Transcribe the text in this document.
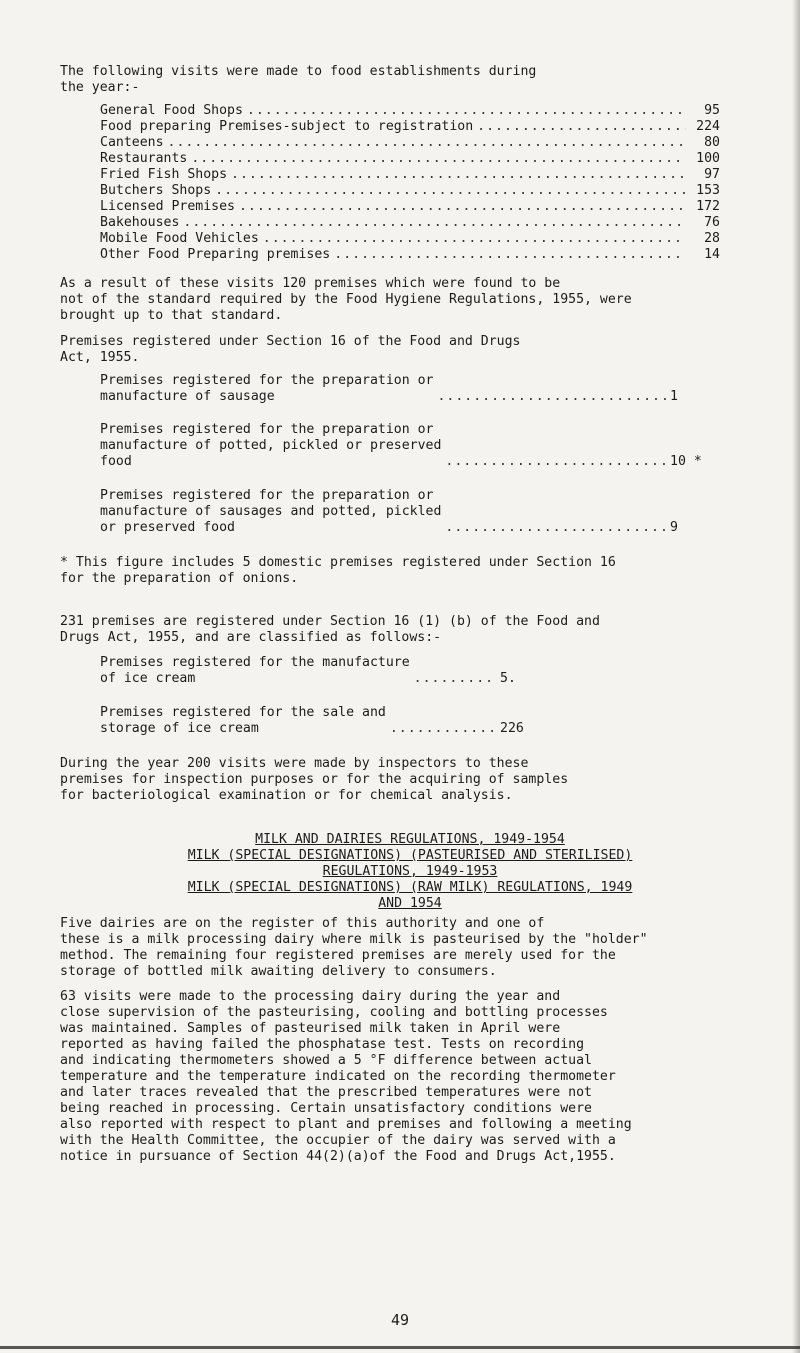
The following visits were made to food establishments during
the year:-
General Food Shops .....	95
Food preparing Premises-subject to registration .....	224
Canteens .....	80
Restaurants .....	100
Fried Fish Shops .....	97
Butchers Shops .....	153
Licensed Premises .....	172
Bakehouses .....	76
Mobile Food Vehicles .....	28
Other Food Preparing premises .....	14
As a result of these visits 120 premises which were found to be
not of the standard required by the Food Hygiene Regulations, 1955, were
brought up to that standard.
Premises registered under Section 16 of the Food and Drugs
Act, 1955.
Premises registered for the preparation or
manufacture of sausage .....	1
Premises registered for the preparation or
manufacture of potted, pickled or preserved
food .....	10 *
Premises registered for the preparation or
manufacture of sausages and potted, pickled
or preserved food .....	9
* This figure includes 5 domestic premises registered under Section 16
for the preparation of onions.
231 premises are registered under Section 16 (1) (b) of the Food and
Drugs Act, 1955, and are classified as follows:-
Premises registered for the manufacture
of ice cream .....	5.
Premises registered for the sale and
storage of ice cream .....	226
During the year 200 visits were made by inspectors to these
premises for inspection purposes or for the acquiring of samples
for bacteriological examination or for chemical analysis.
MILK AND DAIRIES REGULATIONS, 1949-1954
MILK (SPECIAL DESIGNATIONS) (PASTEURISED AND STERILISED)
REGULATIONS, 1949-1953
MILK (SPECIAL DESIGNATIONS) (RAW MILK) REGULATIONS, 1949
AND 1954
Five dairies are on the register of this authority and one of
these is a milk processing dairy where milk is pasteurised by the "holder"
method. The remaining four registered premises are merely used for the
storage of bottled milk awaiting delivery to consumers.
63 visits were made to the processing dairy during the year and
close supervision of the pasteurising, cooling and bottling processes
was maintained. Samples of pasteurised milk taken in April were
reported as having failed the phosphatase test. Tests on recording
and indicating thermometers showed a 5 °F difference between actual
temperature and the temperature indicated on the recording thermometer
and later traces revealed that the prescribed temperatures were not
being reached in processing. Certain unsatisfactory conditions were
also reported with respect to plant and premises and following a meeting
with the Health Committee, the occupier of the dairy was served with a
notice in pursuance of Section 44(2)(a)of the Food and Drugs Act,1955.
49
